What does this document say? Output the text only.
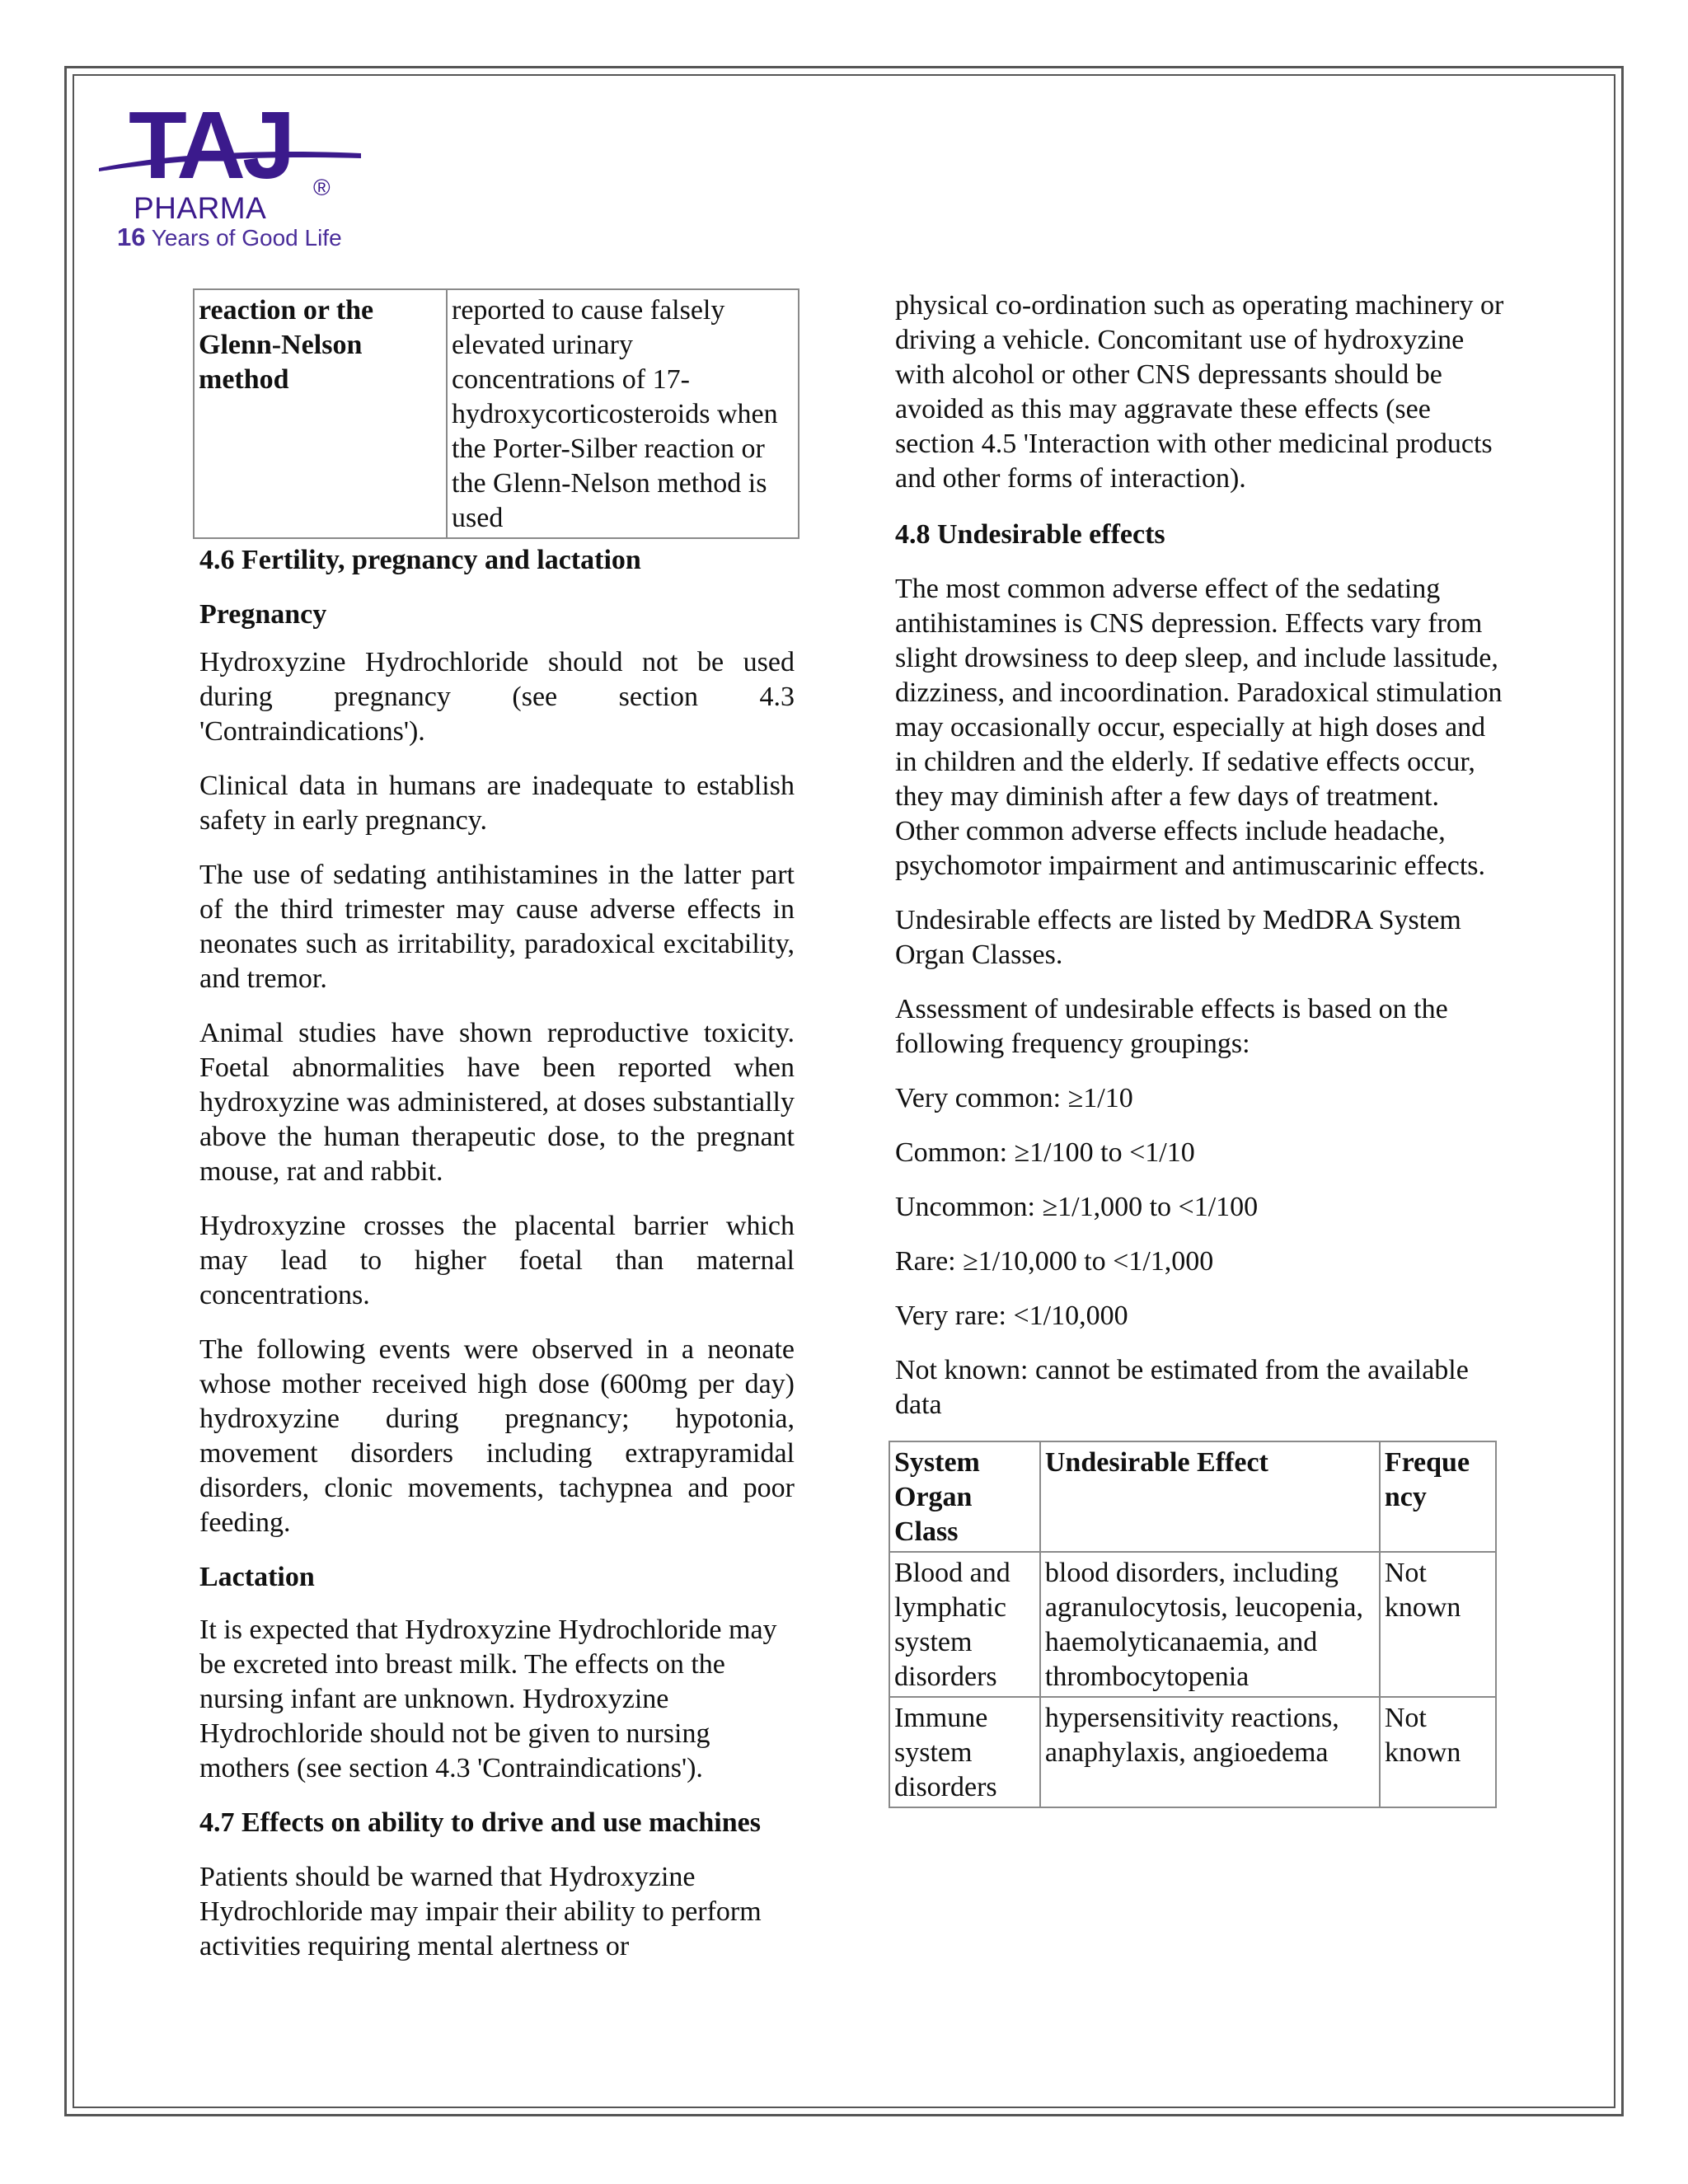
TAJ
PHARMA
®
16 Years of Good Life
reaction or the Glenn-Nelson method	reported to cause falsely elevated urinary concentrations of 17-hydroxycorticosteroids when the Porter-Silber reaction or the Glenn-Nelson method is used

4.6 Fertility, pregnancy and lactation

Pregnancy

Hydroxyzine Hydrochloride should not be used during pregnancy (see section 4.3 'Contraindications').

Clinical data in humans are inadequate to establish safety in early pregnancy.

The use of sedating antihistamines in the latter part of the third trimester may cause adverse effects in neonates such as irritability, paradoxical excitability, and tremor.

Animal studies have shown reproductive toxicity. Foetal abnormalities have been reported when hydroxyzine was administered, at doses substantially above the human therapeutic dose, to the pregnant mouse, rat and rabbit.

Hydroxyzine crosses the placental barrier which may lead to higher foetal than maternal concentrations.

The following events were observed in a neonate whose mother received high dose (600mg per day) hydroxyzine during pregnancy; hypotonia, movement disorders including extrapyramidal disorders, clonic movements, tachypnea and poor feeding.

Lactation

It is expected that Hydroxyzine Hydrochloride may be excreted into breast milk. The effects on the nursing infant are unknown. Hydroxyzine Hydrochloride should not be given to nursing mothers (see section 4.3 'Contraindications').

4.7 Effects on ability to drive and use machines

Patients should be warned that Hydroxyzine Hydrochloride may impair their ability to perform activities requiring mental alertness or

physical co-ordination such as operating machinery or driving a vehicle. Concomitant use of hydroxyzine with alcohol or other CNS depressants should be avoided as this may aggravate these effects (see section 4.5 'Interaction with other medicinal products and other forms of interaction).

4.8 Undesirable effects

The most common adverse effect of the sedating antihistamines is CNS depression. Effects vary from slight drowsiness to deep sleep, and include lassitude, dizziness, and incoordination. Paradoxical stimulation may occasionally occur, especially at high doses and in children and the elderly. If sedative effects occur, they may diminish after a few days of treatment. Other common adverse effects include headache, psychomotor impairment and antimuscarinic effects.

Undesirable effects are listed by MedDRA System Organ Classes.

Assessment of undesirable effects is based on the following frequency groupings:

Very common: ≥1/10

Common: ≥1/100 to <1/10

Uncommon: ≥1/1,000 to <1/100

Rare: ≥1/10,000 to <1/1,000

Very rare: <1/10,000

Not known: cannot be estimated from the available data

System Organ Class	Undesirable Effect	Freque ncy
Blood and lymphatic system disorders	blood disorders, including agranulocytosis, leucopenia, haemolyticanaemia, and thrombocytopenia	Not known
Immune system disorders	hypersensitivity reactions, anaphylaxis, angioedema	Not known
